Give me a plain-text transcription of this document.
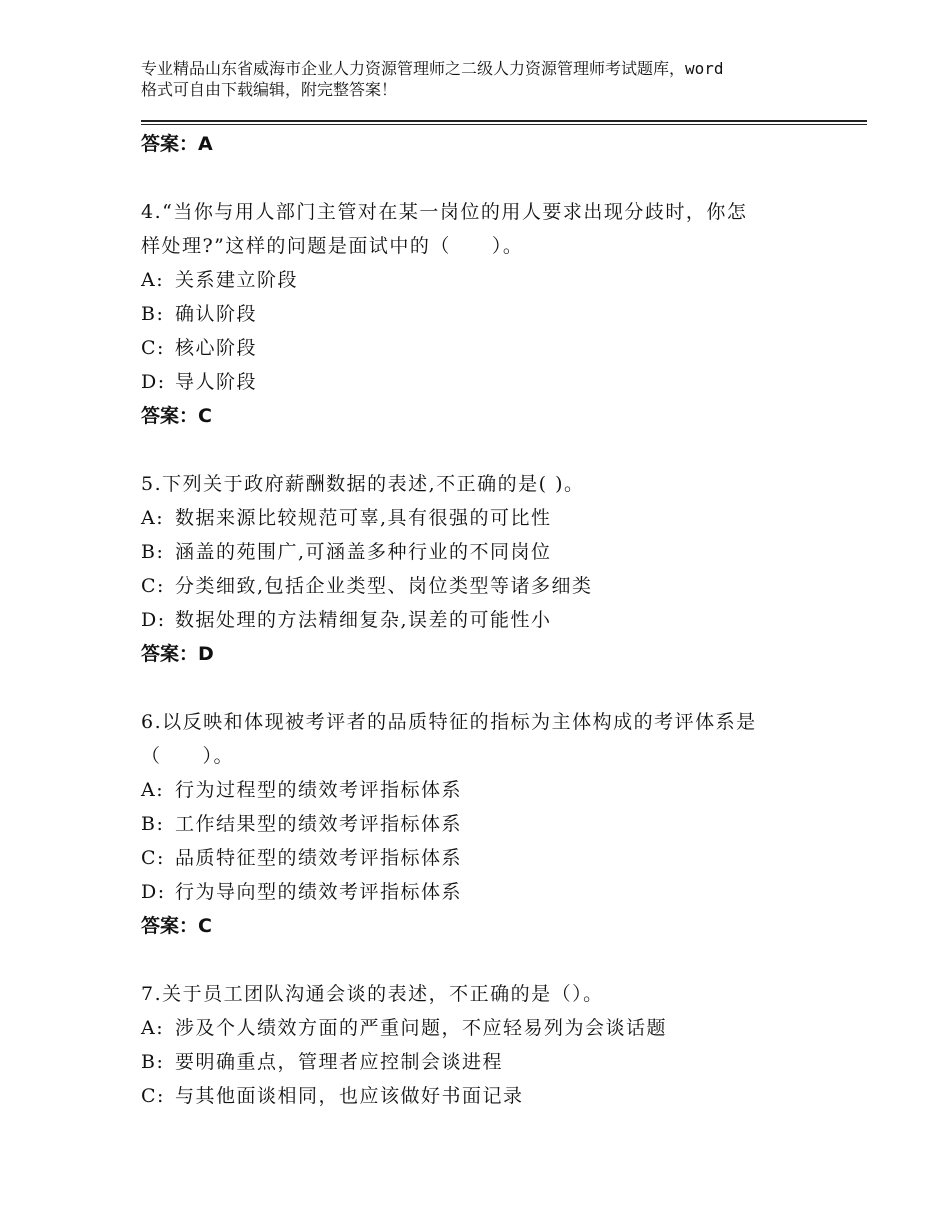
专业精品山东省威海市企业人力资源管理师之二级人力资源管理师考试题库，word
格式可自由下载编辑，附完整答案！
答案：A
4.“当你与用人部门主管对在某一岗位的用人要求出现分歧时，你怎
样处理?”这样的问题是面试中的（　　）。
A: 关系建立阶段
B: 确认阶段
C: 核心阶段
D: 导人阶段
答案：C
5.下列关于政府薪酬数据的表述,不正确的是( )。
A: 数据来源比较规范可辜,具有很强的可比性
B: 涵盖的苑围广,可涵盖多种行业的不同岗位
C: 分类细致,包括企业类型、岗位类型等诸多细类
D: 数据处理的方法精细复杂,误差的可能性小
答案：D
6.以反映和体现被考评者的品质特征的指标为主体构成的考评体系是
（　　）。
A: 行为过程型的绩效考评指标体系
B: 工作结果型的绩效考评指标体系
C: 品质特征型的绩效考评指标体系
D: 行为导向型的绩效考评指标体系
答案：C
7.关于员工团队沟通会谈的表述，不正确的是（）。
A: 涉及个人绩效方面的严重问题，不应轻易列为会谈话题
B: 要明确重点，管理者应控制会谈进程
C: 与其他面谈相同，也应该做好书面记录
